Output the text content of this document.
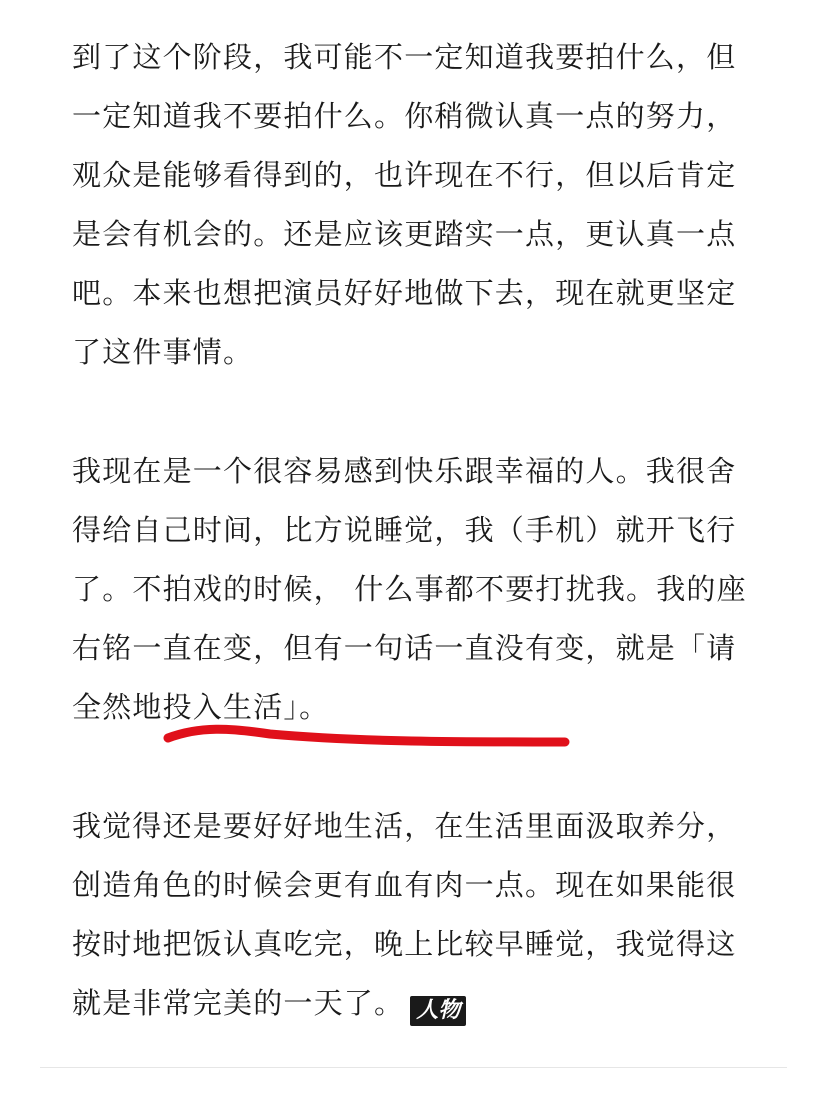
到了这个阶段，我可能不一定知道我要拍什么，但一定知道我不要拍什么。你稍微认真一点的努力，观众是能够看得到的，也许现在不行，但以后肯定是会有机会的。还是应该更踏实一点，更认真一点吧。本来也想把演员好好地做下去，现在就更坚定了这件事情。

我现在是一个很容易感到快乐跟幸福的人。我很舍得给自己时间，比方说睡觉，我（手机）就开飞行了。不拍戏的时候， 什么事都不要打扰我。我的座右铭一直在变，但有一句话一直没有变，就是「请全然地投入生活」。

我觉得还是要好好地生活，在生活里面汲取养分，创造角色的时候会更有血有肉一点。现在如果能很按时地把饭认真吃完，晚上比较早睡觉，我觉得这就是非常完美的一天了。 人物
